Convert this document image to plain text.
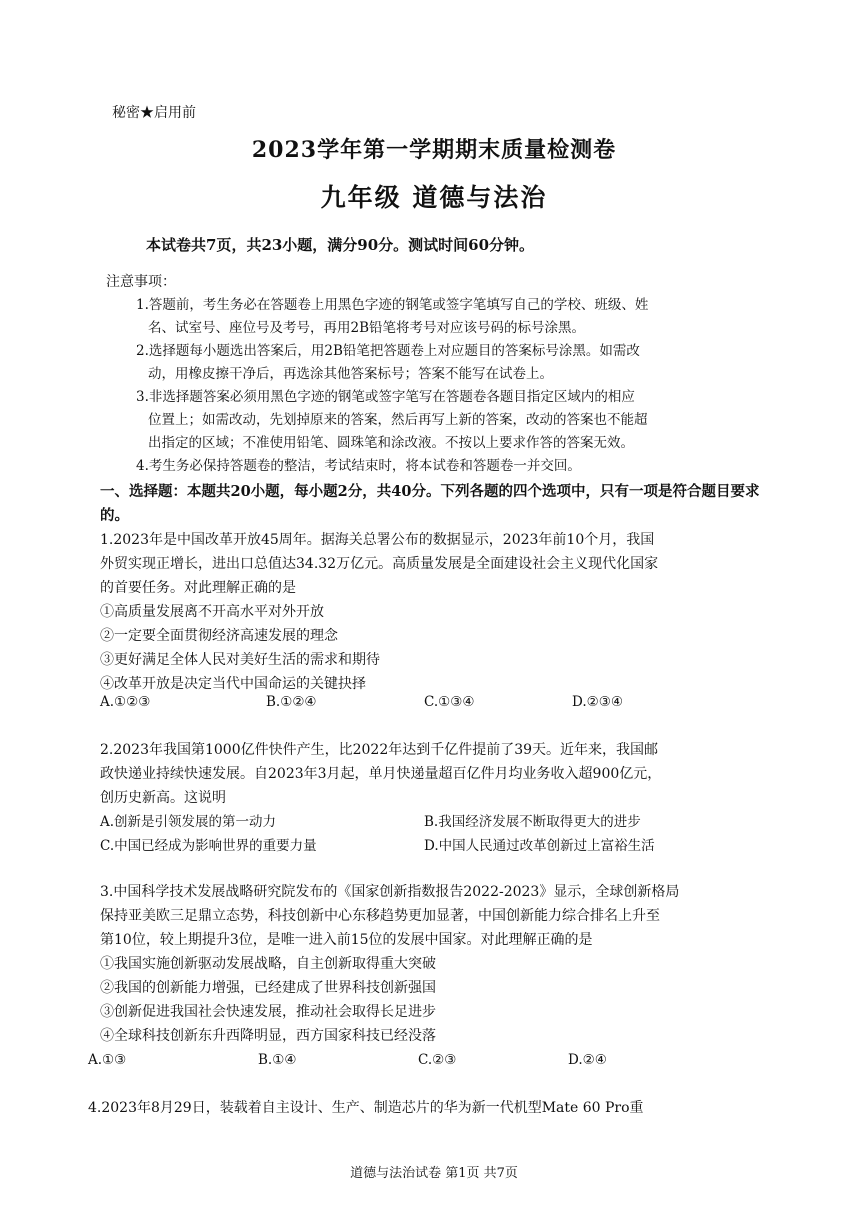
秘密★启用前
2023学年第一学期期末质量检测卷
九年级 道德与法治
本试卷共7页，共23小题，满分90分。测试时间60分钟。
注意事项：

1.答题前，考生务必在答题卷上用黑色字迹的钢笔或签字笔填写自己的学校、班级、姓

名、试室号、座位号及考号，再用2B铅笔将考号对应该号码的标号涂黑。

2.选择题每小题选出答案后，用2B铅笔把答题卷上对应题目的答案标号涂黑。如需改

动，用橡皮擦干净后，再选涂其他答案标号；答案不能写在试卷上。

3.非选择题答案必须用黑色字迹的钢笔或签字笔写在答题卷各题目指定区域内的相应

位置上；如需改动，先划掉原来的答案，然后再写上新的答案，改动的答案也不能超

出指定的区域；不准使用铅笔、圆珠笔和涂改液。不按以上要求作答的答案无效。

4.考生务必保持答题卷的整洁，考试结束时，将本试卷和答题卷一并交回。

一、选择题：本题共20小题，每小题2分，共40分。下列各题的四个选项中，只有一项是符合题目要求的。

1.2023年是中国改革开放45周年。据海关总署公布的数据显示，2023年前10个月，我国

外贸实现正增长，进出口总值达34.32万亿元。高质量发展是全面建设社会主义现代化国家

的首要任务。对此理解正确的是

①高质量发展离不开高水平对外开放

②一定要全面贯彻经济高速发展的理念

③更好满足全体人民对美好生活的需求和期待

④改革开放是决定当代中国命运的关键抉择

A.①②③	B.①②④	C.①③④	D.②③④

2.2023年我国第1000亿件快件产生，比2022年达到千亿件提前了39天。近年来，我国邮

政快递业持续快速发展。自2023年3月起，单月快递量超百亿件月均业务收入超900亿元，

创历史新高。这说明

A.创新是引领发展的第一动力	B.我国经济发展不断取得更大的进步
C.中国已经成为影响世界的重要力量	D.中国人民通过改革创新过上富裕生活

3.中国科学技术发展战略研究院发布的《国家创新指数报告2022-2023》显示，全球创新格局

保持亚美欧三足鼎立态势，科技创新中心东移趋势更加显著，中国创新能力综合排名上升至

第10位，较上期提升3位，是唯一进入前15位的发展中国家。对此理解正确的是

①我国实施创新驱动发展战略，自主创新取得重大突破

②我国的创新能力增强，已经建成了世界科技创新强国

③创新促进我国社会快速发展，推动社会取得长足进步

④全球科技创新东升西降明显，西方国家科技已经没落

A.①③	B.①④	C.②③	D.②④

4.2023年8月29日，装载着自主设计、生产、制造芯片的华为新一代机型Mate 60 Pro重

道德与法治试卷 第1页 共7页
